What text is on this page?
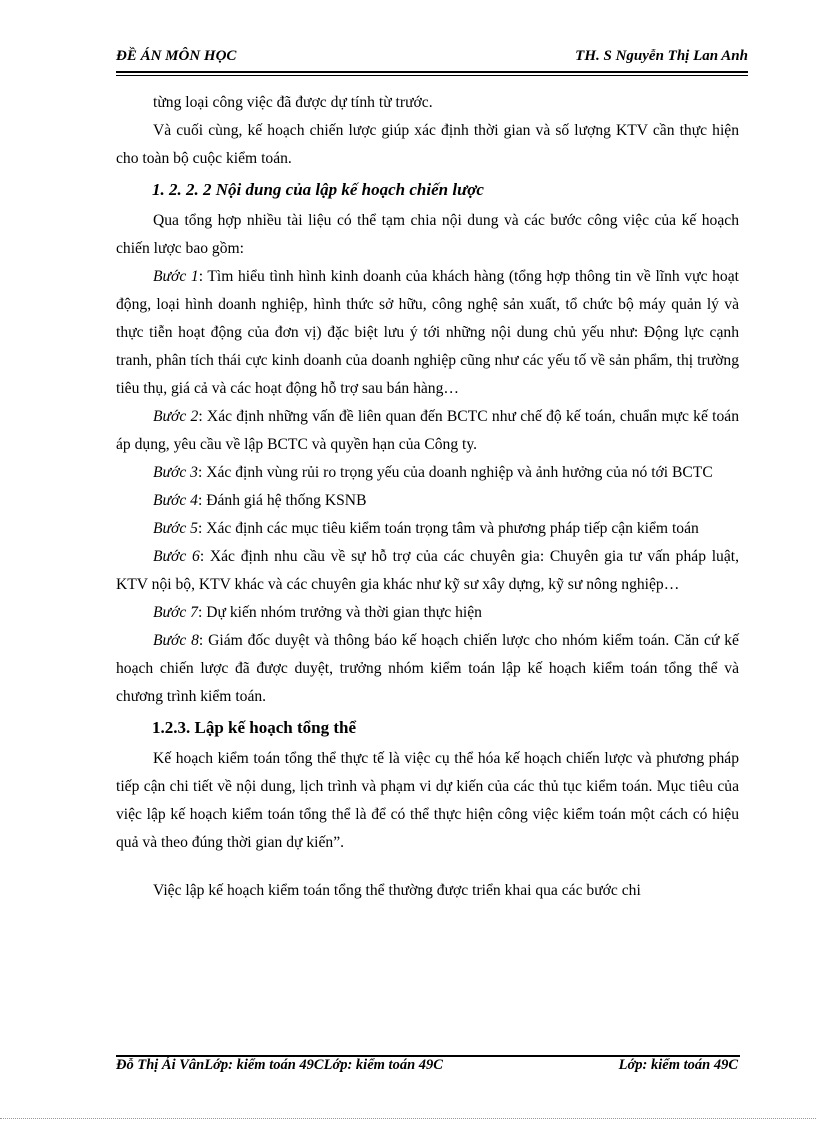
ĐỀ ÁN MÔN HỌC	TH. S Nguyễn Thị Lan Anh

từng loại công việc đã được dự tính từ trước.

Và cuối cùng, kế hoạch chiến lược giúp xác định thời gian và số lượng KTV cần thực hiện cho toàn bộ cuộc kiểm toán.

1. 2. 2. 2 Nội dung của lập kế hoạch chiến lược

Qua tổng hợp nhiều tài liệu có thể tạm chia nội dung và các bước công việc của kế hoạch chiến lược bao gồm:

Bước 1: Tìm hiểu tình hình kinh doanh của khách hàng (tổng hợp thông tin về lĩnh vực hoạt động, loại hình doanh nghiệp, hình thức sở hữu, công nghệ sản xuất, tổ chức bộ máy quản lý và thực tiễn hoạt động của đơn vị) đặc biệt lưu ý tới những nội dung chủ yếu như: Động lực cạnh tranh, phân tích thái cực kinh doanh của doanh nghiệp cũng như các yếu tố về sản phẩm, thị trường tiêu thụ, giá cả và các hoạt động hỗ trợ sau bán hàng…

Bước 2: Xác định những vấn đề liên quan đến BCTC như chế độ kế toán, chuẩn mực kế toán áp dụng, yêu cầu về lập BCTC và quyền hạn của Công ty.

Bước 3: Xác định vùng rủi ro trọng yếu của doanh nghiệp và ảnh hưởng của nó tới BCTC

Bước 4: Đánh giá hệ thống KSNB

Bước 5: Xác định các mục tiêu kiểm toán trọng tâm và phương pháp tiếp cận kiểm toán

Bước 6: Xác định nhu cầu về sự hỗ trợ của các chuyên gia: Chuyên gia tư vấn pháp luật, KTV nội bộ, KTV khác và các chuyên gia khác như kỹ sư xây dựng, kỹ sư nông nghiệp…

Bước 7: Dự kiến nhóm trưởng và thời gian thực hiện

Bước 8: Giám đốc duyệt và thông báo kế hoạch chiến lược cho nhóm kiểm toán. Căn cứ kế hoạch chiến lược đã được duyệt, trưởng nhóm kiểm toán lập kế hoạch kiểm toán tổng thể và chương trình kiểm toán.

1.2.3. Lập kế hoạch tổng thể

Kế hoạch kiểm toán tổng thể thực tế là việc cụ thể hóa kế hoạch chiến lược và phương pháp tiếp cận chi tiết về nội dung, lịch trình và phạm vi dự kiến của các thủ tục kiểm toán. Mục tiêu của việc lập kế hoạch kiểm toán tổng thể là để có thể thực hiện công việc kiểm toán một cách có hiệu quả và theo đúng thời gian dự kiến”.

Việc lập kế hoạch kiểm toán tổng thể thường được triển khai qua các bước chi

Đỗ Thị Ái VânLớp: kiểm toán 49CLớp: kiểm toán 49C	Lớp: kiểm toán 49C
